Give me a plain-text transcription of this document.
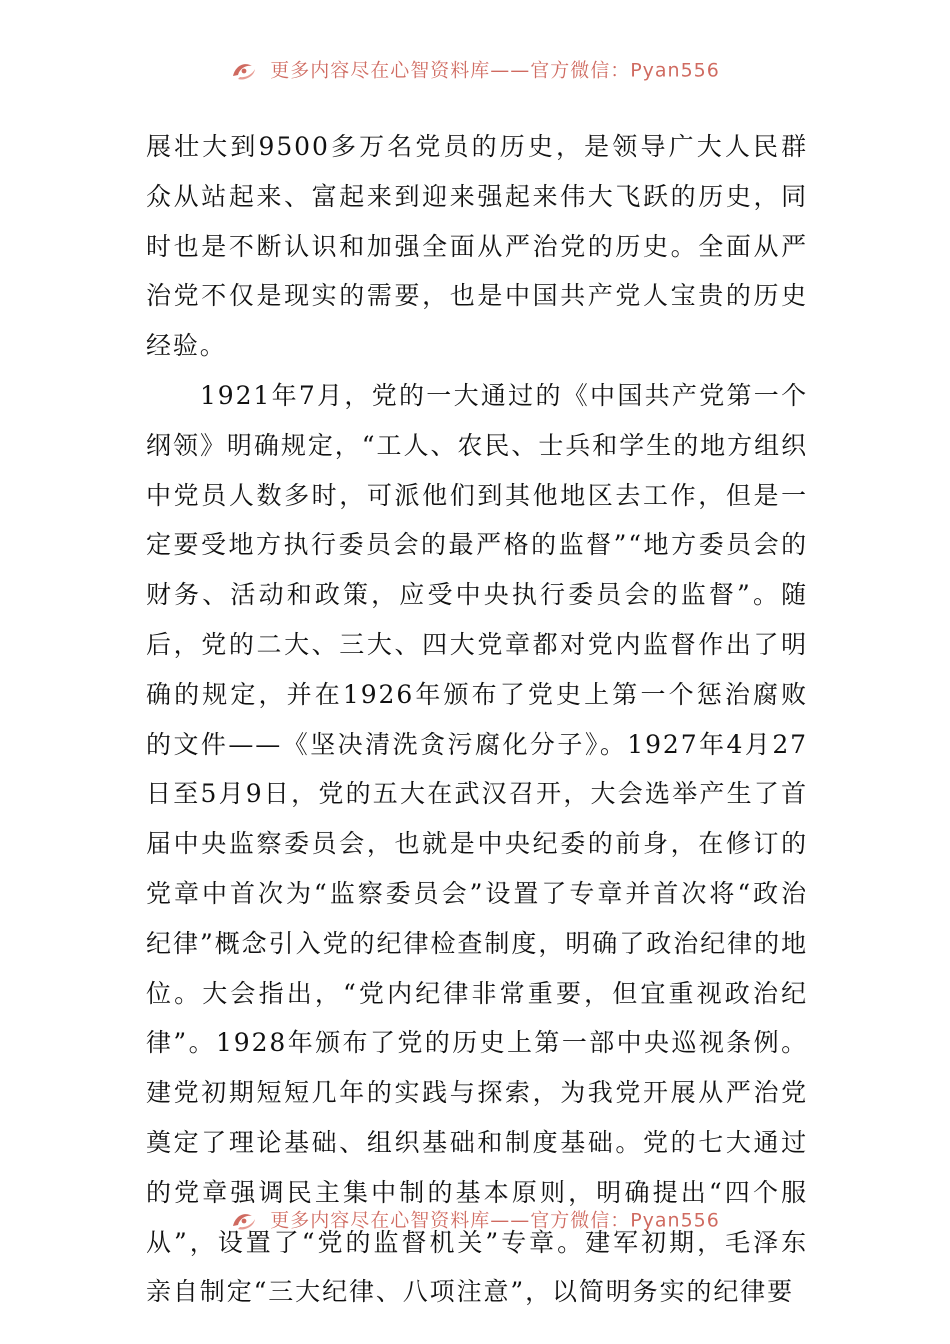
更多内容尽在心智资料库——官方微信：Pyan556

展壮大到9500多万名党员的历史，是领导广大人民群众从站起来、富起来到迎来强起来伟大飞跃的历史，同时也是不断认识和加强全面从严治党的历史。全面从严治党不仅是现实的需要，也是中国共产党人宝贵的历史经验。

1921年7月，党的一大通过的《中国共产党第一个纲领》明确规定，“工人、农民、士兵和学生的地方组织中党员人数多时，可派他们到其他地区去工作，但是一定要受地方执行委员会的最严格的监督”“地方委员会的财务、活动和政策，应受中央执行委员会的监督”。随后，党的二大、三大、四大党章都对党内监督作出了明确的规定，并在1926年颁布了党史上第一个惩治腐败的文件——《坚决清洗贪污腐化分子》。1927年4月27日至5月9日，党的五大在武汉召开，大会选举产生了首届中央监察委员会，也就是中央纪委的前身，在修订的党章中首次为“监察委员会”设置了专章并首次将“政治纪律”概念引入党的纪律检查制度，明确了政治纪律的地位。大会指出，“党内纪律非常重要，但宜重视政治纪律”。1928年颁布了党的历史上第一部中央巡视条例。建党初期短短几年的实践与探索，为我党开展从严治党奠定了理论基础、组织基础和制度基础。党的七大通过的党章强调民主集中制的基本原则，明确提出“四个服从”，设置了“党的监督机关”专章。建军初期，毛泽东亲自制定“三大纪律、八项注意”，以简明务实的纪律要

更多内容尽在心智资料库——官方微信：Pyan556
